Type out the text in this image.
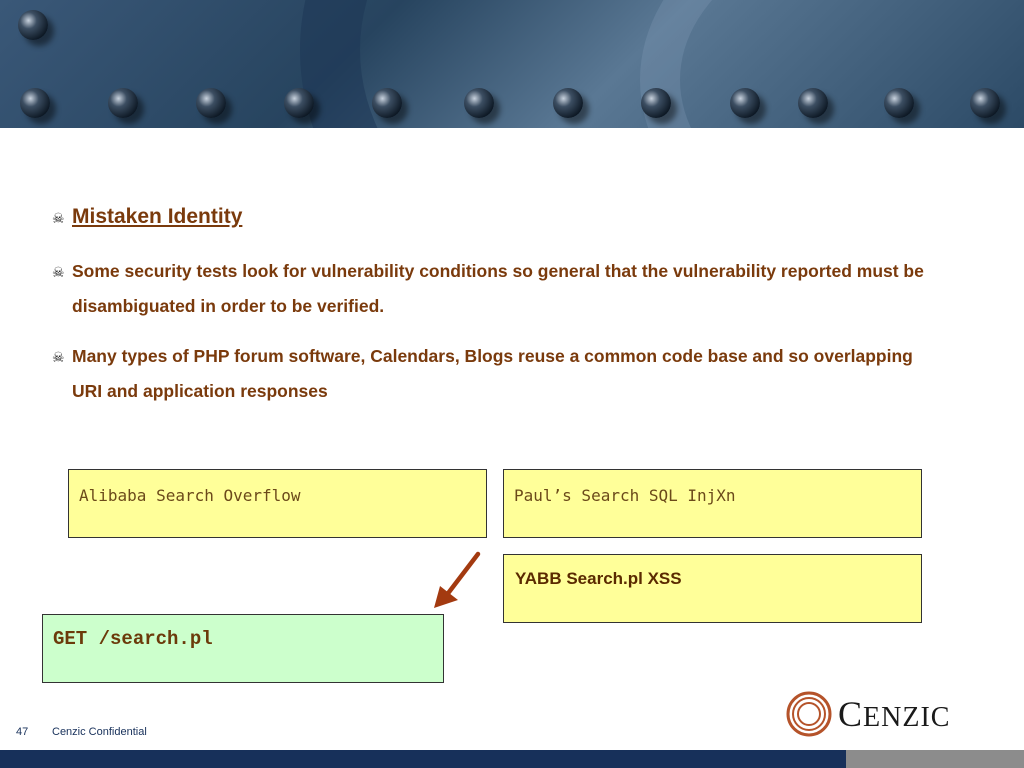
☠ Mistaken Identity
☠ Some security tests look for vulnerability conditions so general that the vulnerability reported must be disambiguated in order to be verified.
☠ Many types of PHP forum software, Calendars, Blogs reuse a common code base and so overlapping URI and application responses
Alibaba Search Overflow	Paul’s Search SQL InjXn
YABB Search.pl XSS
GET /search.pl
47 Cenzic Confidential	CENZIC
